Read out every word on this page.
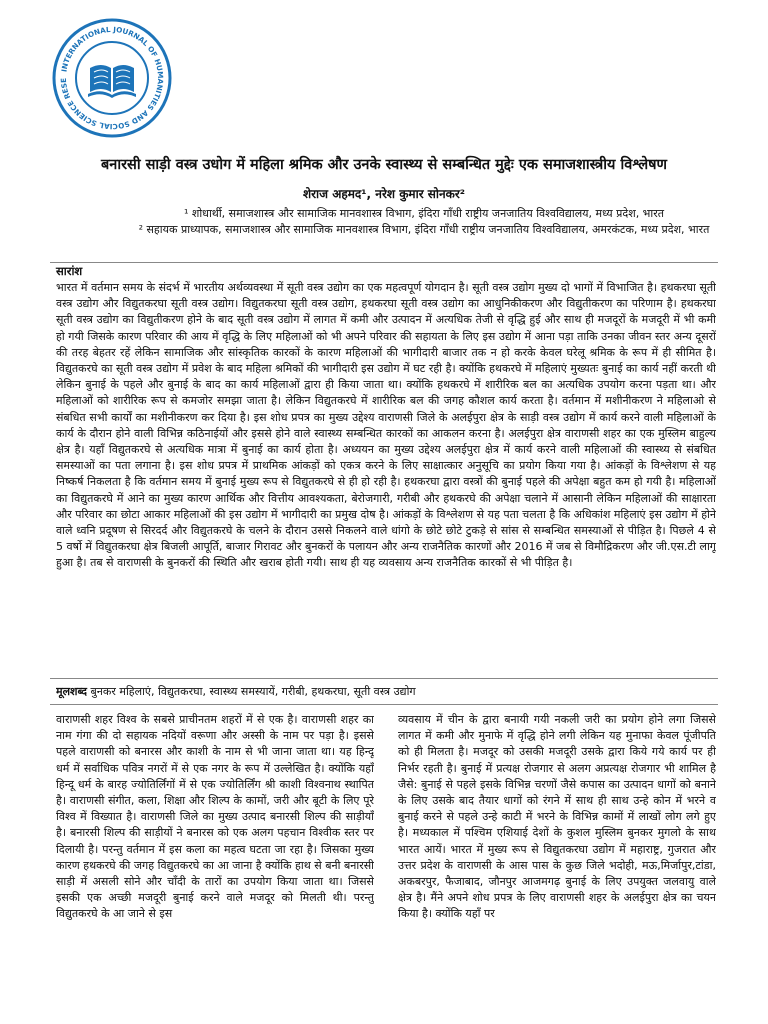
INTERNATIONAL JOURNAL OF HUMANITIES AND SOCIAL SCIENCE RESE
बनारसी साड़ी वस्त्र उधोग में महिला श्रमिक और उनके स्वास्थ्य से सम्बन्धित मुद्देः एक समाजशास्त्रीय विश्लेषण
शेराज अहमद¹, नरेश कुमार सोनकर²
¹ शोधार्थी, समाजशास्त्र और सामाजिक मानवशास्त्र विभाग, इंदिरा गाँधी राष्ट्रीय जनजातिय विश्वविद्यालय, मध्य प्रदेश, भारत
² सहायक प्राध्यापक, समाजशास्त्र और सामाजिक मानवशास्त्र विभाग, इंदिरा गाँधी राष्ट्रीय जनजातिय विश्वविद्यालय, अमरकंटक, मध्य प्रदेश, भारत
सारांश

भारत में वर्तमान समय के संदर्भ में भारतीय अर्थव्यवस्था में सूती वस्त्र उद्योग का एक महत्वपूर्ण योगदान है। सूती वस्त्र उद्योग मुख्य दो भागों में विभाजित है। हथकरघा सूती वस्त्र उद्योग और विद्युतकरघा सूती वस्त्र उद्योग। विद्युतकरघा सूती वस्त्र उद्योग, हथकरघा सूती वस्त्र उद्योग का आधुनिकीकरण और विद्युतीकरण का परिणाम है। हथकरघा सूती वस्त्र उद्योग का विद्युतीकरण होने के बाद सूती वस्त्र उद्योग में लागत में कमी और उत्पादन में अत्यधिक तेजी से वृद्धि हुई और साथ ही मजदूरों के मजदूरी में भी कमी हो गयी जिसके कारण परिवार की आय में वृद्धि के लिए महिलाओं को भी अपने परिवार की सहायता के लिए इस उद्योग में आना पड़ा ताकि उनका जीवन स्तर अन्य दूसरों की तरह बेहतर रहें लेकिन सामाजिक और सांस्कृतिक कारकों के कारण महिलाओं की भागीदारी बाजार तक न हो करके केवल घरेलू श्रमिक के रूप में ही सीमित है। विद्युतकरघे का सूती वस्त्र उद्योग में प्रवेश के बाद महिला श्रमिकों की भागीदारी इस उद्योग में घट रही है। क्योंकि हथकरघे में महिलाएं मुख्यतः बुनाई का कार्य नहीं करती थी लेकिन बुनाई के पहले और बुनाई के बाद का कार्य महिलाओं द्वारा ही किया जाता था। क्योंकि हथकरघे में शारीरिक बल का अत्यधिक उपयोग करना पड़ता था। और महिलाओं को शारीरिक रूप से कमजोर समझा जाता है। लेकिन विद्युतकरघे में शारीरिक बल की जगह कौशल कार्य करता है। वर्तमान में मशीनीकरण ने महिलाओ से संबधित सभी कार्यों का मशीनीकरण कर दिया है। इस शोध प्रपत्र का मुख्य उद्देश्य वाराणसी जिले के अलईपुरा क्षेत्र के साड़ी वस्त्र उद्योग में कार्य करने वाली महिलाओं के कार्य के दौरान होने वाली विभिन्न कठिनाईयों और इससे होने वाले स्वास्थ्य सम्बन्धित कारकों का आकलन करना है। अलईपुरा क्षेत्र वाराणसी शहर का एक मुस्लिम बाहुल्य क्षेत्र है। यहाँ विद्युतकरघे से अत्यधिक मात्रा में बुनाई का कार्य होता है। अध्ययन का मुख्य उद्देश्य अलईपुरा क्षेत्र में कार्य करने वाली महिलाओं की स्वास्थ्य से संबधित समस्याओं का पता लगाना है। इस शोध प्रपत्र में प्राथमिक आंकड़ों को एकत्र करने के लिए साक्षात्कार अनुसूचि का प्रयोग किया गया है। आंकड़ों के विश्लेशण से यह निष्कर्ष निकलता है कि वर्तमान समय में बुनाई मुख्य रूप से विद्युतकरघे से ही हो रही है। हथकरघा द्वारा वस्त्रों की बुनाई पहले की अपेक्षा बहुत कम हो गयी है। महिलाओं का विद्युतकरघे में आने का मुख्य कारण आर्थिक और वित्तीय आवश्यकता, बेरोजगारी, गरीबी और हथकरघे की अपेक्षा चलाने में आसानी लेकिन महिलाओं की साक्षारता और परिवार का छोटा आकार महिलाओं की इस उद्योग में भागीदारी का प्रमुख दोष है। आंकड़ों के विश्लेशण से यह पता चलता है कि अधिकांश महिलाएं इस उद्योग में होने वाले ध्वनि प्रदूषण से सिरदर्द और विद्युतकरघे के चलने के दौरान उससे निकलने वाले धांगो के छोटे छोटे टुकड़े से सांस से सम्बन्धित समस्याओं से पीड़ित है। पिछले 4 से 5 वर्षो में विद्युतकरघा क्षेत्र बिजली आपूर्ति, बाजार गिरावट और बुनकरों के पलायन और अन्य राजनैतिक कारणों और 2016 में जब से विमौद्रिकरण और जी.एस.टी लागू हुआ है। तब से वाराणसी के बुनकरों की स्थिति और खराब होती गयी। साथ ही यह व्यवसाय अन्य राजनैतिक कारकों से भी पीड़ित है।

मूलशब्द बुनकर महिलाएं, विद्युतकरघा, स्वास्थ्य समस्यायें, गरीबी, हथकरघा, सूती वस्त्र उद्योग

वाराणसी शहर विश्व के सबसे प्राचीनतम शहरों में से एक है। वाराणसी शहर का नाम गंगा की दो सहायक नदियों वरूणा और अस्सी के नाम पर पड़ा है। इससे पहले वाराणसी को बनारस और काशी के नाम से भी जाना जाता था। यह हिन्दू धर्म में सर्वाधिक पवित्र नगरों में से एक नगर के रूप में उल्लेखित है। क्योंकि यहाँ हिन्दू धर्म के बारह ज्योतिर्लिंगों में से एक ज्योतिर्लिंग श्री काशी विश्वनाथ स्थापित है। वाराणसी संगीत, कला, शिक्षा और शिल्प के कामों, जरी और बूटी के लिए पूरे विश्व में विख्यात है। वाराणसी जिले का मुख्य उत्पाद बनारसी शिल्प की साड़ीयाँ है। बनारसी शिल्प की साड़ीयों ने बनारस को एक अलग पहचान विश्वीक स्तर पर दिलायी है। परन्तु वर्तमान में इस कला का महत्व घटता जा रहा है। जिसका मुख्य कारण हथकरघे की जगह विद्युतकरघे का आ जाना है क्योंकि हाथ से बनी बनारसी साड़ी में असली सोने और चाँदी के तारों का उपयोग किया जाता था। जिससे इसकी एक अच्छी मजदूरी बुनाई करने वाले मजदूर को मिलती थी। परन्तु विद्युतकरघे के आ जाने से इस

व्यवसाय में चीन के द्वारा बनायी गयी नकली जरी का प्रयोग होने लगा जिससे लागत में कमी और मुनाफे में वृद्धि होने लगी लेकिन यह मुनाफा केवल पूंजीपति को ही मिलता है। मजदूर को उसकी मजदूरी उसके द्वारा किये गये कार्य पर ही निर्भर रहती है। बुनाई में प्रत्यक्ष रोजगार से अलग अप्रत्यक्ष रोजगार भी शामिल है जैसे: बुनाई से पहले इसके विभिन्न चरणों जैसे कपास का उत्पादन धागों को बनाने के लिए उसके बाद तैयार धागों को रंगने में साथ ही साथ उन्हे कोन में भरने व बुनाई करने से पहले उन्हे काटी में भरने के विभिन्न कामों में लाखों लोग लगे हुए है। मध्यकाल में पश्चिम एशियाई देशों के कुशल मुस्लिम बुनकर मुगलो के साथ भारत आयें। भारत में मुख्य रूप से विद्युतकरघा उद्योग में महाराष्ट्र, गुजरात और उत्तर प्रदेश के वाराणसी के आस पास के कुछ जिले भदोही, मऊ,मिर्जापुर,टांडा, अकबरपुर, फैजाबाद, जौनपुर आजमगढ़ बुनाई के लिए उपयुक्त जलवायु वाले क्षेत्र है। मैंने अपने शोध प्रपत्र के लिए वाराणसी शहर के अलईपुरा क्षेत्र का चयन किया है। क्योंकि यहाँ पर
